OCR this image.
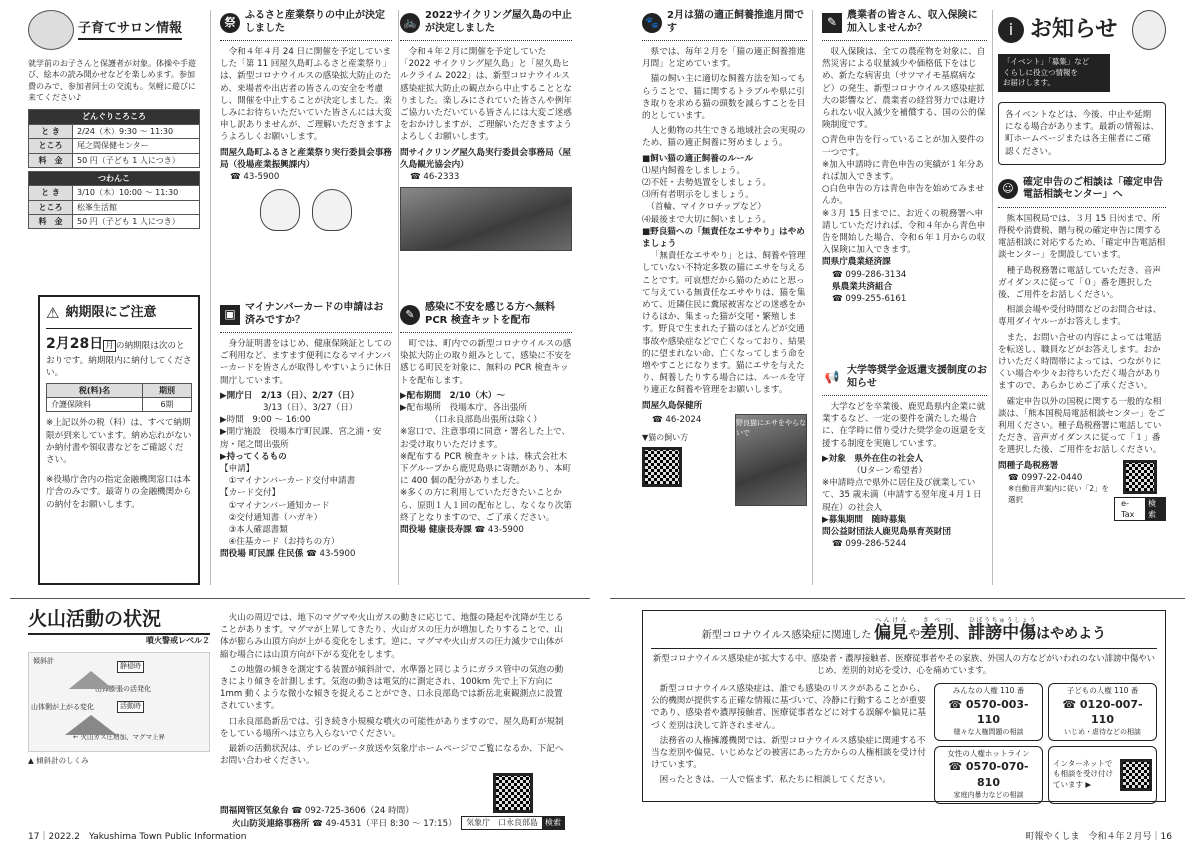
子育てサロン情報
就学前のお子さんと保護者が対象。体操や手遊び、絵本の読み聞かせなどを楽しめます。参加費のみで、参加者同士の交流も。気軽に遊びに来てください♪
どんぐりころころ	
と き	2/24（木）9:30 ～ 11:30
ところ	尾之間保健センター
料　金	50 円（子ども 1 人につき）
つわんこ	
と き	3/10（木）10:00 ～ 11:30
ところ	松峯生活館
料　金	50 円（子ども 1 人につき）
⚠ 納期限にご注意
2月28日 月 の納期限は次のとおりです。納期限内に納付してください。
税(料)名	期別
介護保険料	6期
※上記以外の税（料）は、すべて納期限が到来しています。納め忘れがないか納付書や領収書などをご確認ください。
※役場庁舎内の指定金融機関窓口は本庁舎のみです。最寄りの金融機関からの納付をお願いします。
祭
ふるさと産業祭りの中止が決定しました
令和４年４月 24 日に開催を予定していました「第 11 回屋久島町ふるさと産業祭り」は、新型コロナウイルスの感染拡大防止のため、来場者や出店者の皆さんの安全を考慮し、開催を中止することが決定しました。楽しみにお待ちいただいていた皆さんには大変申し訳ありませんが、ご理解いただきますようよろしくお願いします。
問屋久島町ふるさと産業祭り実行委員会事務局（役場産業振興課内）
☎ 43-5900
▣ マイナンバーカードの申請はお済みですか？
身分証明書をはじめ、健康保険証としてのご利用など、ますます便利になるマイナンバーカードを皆さんが取得しやすいように休日開庁しています。
▶開庁日　2/13（日）、2/27（日）
　　　　　3/13（日）、3/27（日）
▶時間　9:00 ～ 16:00
▶開庁施設　役場本庁町民課、宮之浦・安房・尾之間出張所
▶持ってくるもの
【申請】
　①マイナンバーカード交付申請書
【カード交付】
　①マイナンバー通知カード
　②交付通知書（ハガキ）
　③本人確認書類
　④住基カード（お持ちの方）
問役場 町民課 住民係 ☎ 43-5900
🚲
2022サイクリング屋久島の中止が決定しました
令和４年２月に開催を予定していた「2022 サイクリング屋久島」と「屋久島ヒルクライム 2022」は、新型コロナウイルス感染症拡大防止の観点から中止することとなりました。楽しみにされていた皆さんや例年ご協力いただいている皆さんには大変ご迷惑をおかけしますが、ご理解いただきますようよろしくお願いします。
問サイクリング屋久島実行委員会事務局（屋久島観光協会内）
☎ 46-2333
✎
感染に不安を感じる方へ無料 PCR 検査キットを配布
町では、町内での新型コロナウイルスの感染拡大防止の取り組みとして、感染に不安を感じる町民を対象に、無料の PCR 検査キットを配布します。
▶配布期間　2/10（木）～
▶配布場所　役場本庁、各出張所
　　　　（口永良部島出張所は除く）
※窓口で、注意事項に同意・署名した上で、お受け取りいただけます。
※配布する PCR 検査キットは、株式会社木下グループから鹿児島県に寄贈があり、本町に 400 個の配分がありました。
※多くの方に利用していただきたいことから、原則１人１回の配布とし、なくなり次第終了となりますので、ご了承ください。
問役場 健康長寿課 ☎ 43-5900
火山活動の状況
噴火警戒レベル２
傾斜計
静穏時
山体膨張の活発化
活動時
山体側が上がる変化
← 火山ガス圧増加、マグマ上昇
▲ 傾斜計のしくみ
火山の周辺では、地下のマグマや火山ガスの動きに応じて、地盤の隆起や沈降が生じることがあります。マグマが上昇してきたり、火山ガスの圧力が増加したりすることで、山体が膨らみ山頂方向が上がる変化をします。逆に、マグマや火山ガスの圧力減少で山体が縮む場合には山頂方向が下がる変化をします。
この地盤の傾きを測定する装置が傾斜計で、水準器と同じようにガラス管中の気泡の動きにより傾きを計測します。気泡の動きは電気的に測定され、100km 先で上下方向に 1mm 動くような微小な傾きを捉えることができ、口永良部島では新岳北東観測点に設置されています。
口永良部島新岳では、引き続き小規模な噴火の可能性がありますので、屋久島町が規制をしている場所へは立ち入らないでください。
最新の活動状況は、テレビのデータ放送や気象庁ホームページでご覧になるか、下記へお問い合わせください。
問福岡管区気象台 ☎ 092-725-3606（24 時間）
火山防災連絡事務所 ☎ 49-4531（平日 8:30 ～ 17:15）	気象庁　口永良部島 検索
17｜2022.2　Yakushima Town Public Information
🐾
2月は猫の適正飼養推進月間です
県では、毎年２月を「猫の適正飼養推進月間」と定めています。
猫の飼い主に適切な飼養方法を知ってもらうことで、猫に関するトラブルや県に引き取りを求める猫の頭数を減らすことを目的としています。
人と動物の共生できる地域社会の実現のため、猫の適正飼養に努めましょう。
■飼い猫の適正飼養のルール
⑴屋内飼養をしましょう。
⑵不妊・去勢処置をしましょう。
⑶所有者明示をしましょう。
　（首輪、マイクロチップなど）
⑷最後まで大切に飼いましょう。
■野良猫への「無責任なエサやり」はやめましょう
「無責任なエサやり」とは、飼養や管理していない不特定多数の猫にエサを与えることです。可哀想だから猫のためにと思って与えている無責任なエサやりは、猫を集めて、近隣住民に糞尿被害などの迷惑をかけるほか、集まった猫が交尾・繁殖します。野良で生まれた子猫のほとんどが交通事故や感染症などで亡くなっており、結果的に望まれない命、亡くなってしまう命を増やすことになります。猫にエサを与えたり、飼養したりする場合には、ルールを守り適正な飼養や管理をお願いします。
問屋久島保健所
☎ 46-2024
▼猫の飼い方
野良猫にエサをやらないで
✎ 農業者の皆さん、収入保険に加入しませんか？
収入保険は、全ての農産物を対象に、自然災害による収量減少や価格低下をはじめ、新たな病害虫（サツマイモ基腐病など）の発生、新型コロナウイルス感染症拡大の影響など、農業者の経営努力では避けられない収入減少を補償する、国の公的保険制度です。
○青色申告を行っていることが加入要件の一つです。
※加入申請時に青色申告の実績が１年分あれば加入できます。
○白色申告の方は青色申告を始めてみませんか。
※３月 15 日までに、お近くの税務署へ申請していただければ、令和４年から青色申告を開始した場合、令和６年１月からの収入保険に加入できます。
問県庁農業経済課
☎ 099-286-3134
県農業共済組合
☎ 099-255-6161
📢 大学等奨学金返還支援制度のお知らせ
大学などを卒業後、鹿児島県内企業に就業するなど、一定の要件を満たした場合に、在学時に借り受けた奨学金の返還を支援する制度を実施しています。
▶対象　県外在住の社会人
　　　　（Uターン希望者）
※申請時点で県外に居住及び就業していて、35 歳未満（申請する翌年度４月１日現在）の社会人
▶募集期間　随時募集
問公益財団法人鹿児島県育英財団
☎ 099-286-5244
i お知らせ
「イベント」「募集」など
くらしに役立つ情報を
お届けします。
各イベントなどは、今後、中止や延期になる場合があります。最新の情報は、町ホームページまたは各主催者にご確認ください。
☺
確定申告のご相談は「確定申告電話相談センター」へ
熊本国税局では、３月 15 日㈫まで、所得税や消費税、贈与税の確定申告に関する電話相談に対応するため、「確定申告電話相談センター」を開設しています。
種子島税務署に電話していただき、音声ガイダンスに従って「０」番を選択した後、ご用件をお話しください。
相談会場や受付時間などのお問合せは、専用ダイヤルーがお答えします。
また、お問い合せの内容によっては電話を転送し、職員などがお答えします。おかけいただく時間帯によっては、つながりにくい場合や少々お待ちいただく場合がありますので、あらかじめご了承ください。
確定申告以外の国税に関する一般的な相談は、「熊本国税局電話相談センター」をご利用ください。種子島税務署に電話していただき、音声ガイダンスに従って「１」番を選択した後、ご用件をお話しください。
問種子島税務署
☎ 0997-22-0440
※自動音声案内に従い「2」を選択	e-Tax
検索
新型コロナウイルス感染症に関連した 偏見へんけんや差別さべつ、誹謗中傷ひぼうちゅうしょうはやめよう
新型コロナウイルス感染症が拡大する中、感染者・濃厚接触者、医療従事者やその家族、外国人の方などがいわれのない誹謗中傷やいじめ、差別的対応を受け、心を痛めています。
新型コロナウイルス感染症は、誰でも感染のリスクがあることから、公的機関が提供する正確な情報に基づいて、冷静に行動することが重要であり、感染者や濃厚接触者、医療従事者などに対する誤解や偏見に基づく差別は決して許されません。
法務省の人権擁護機関では、新型コロナウイルス感染症に関連する不当な差別や偏見、いじめなどの被害にあった方からの人権相談を受け付けています。
困ったときは、一人で悩まず、私たちに相談してください。
みんなの人権 110 番
☎ 0570-003-110
様々な人権問題の相談
子どもの人権 110 番
☎ 0120-007-110
いじめ・虐待などの相談
女性の人権ホットライン
☎ 0570-070-810
家庭内暴力などの相談
インターネットでも相談を受け付けています ▶
町報やくしま　令和４年２月号｜16
